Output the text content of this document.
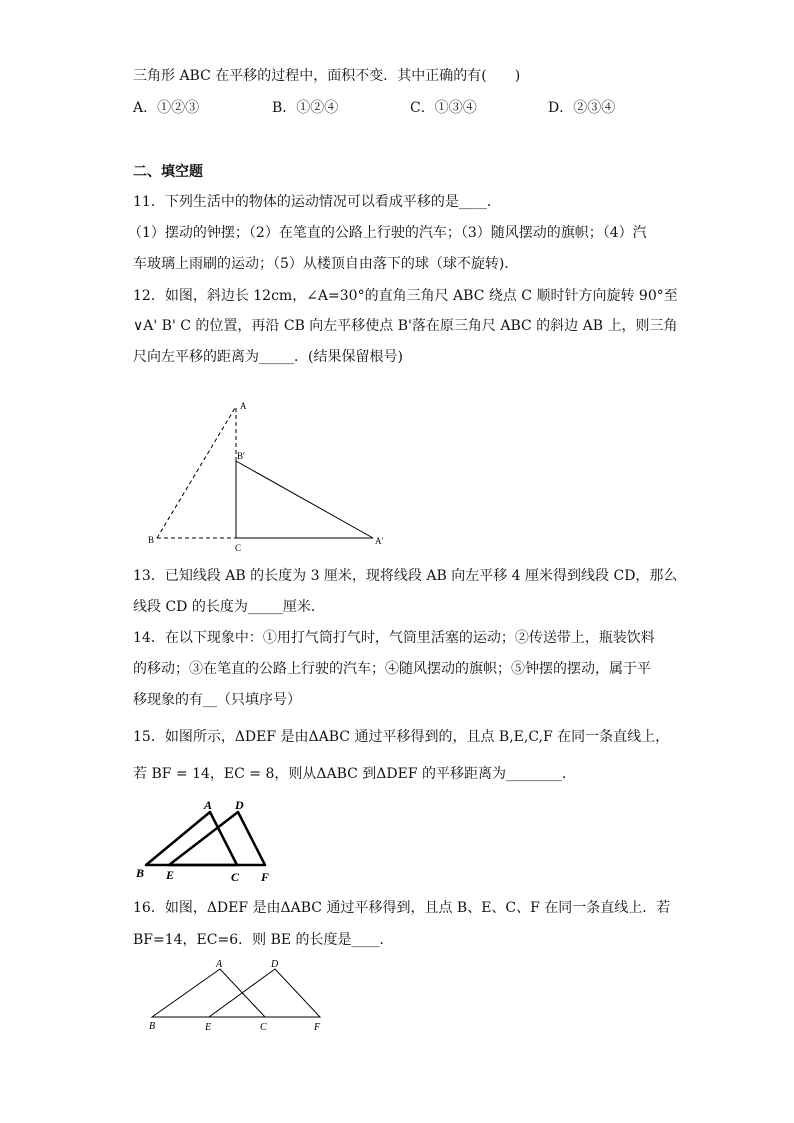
三角形 ABC 在平移的过程中，面积不变．其中正确的有(　　)
A．①②③	B．①②④	C．①③④	D．②③④
二、填空题
11．下列生活中的物体的运动情况可以看成平移的是____．
（1）摆动的钟摆；（2）在笔直的公路上行驶的汽车；（3）随风摆动的旗帜；（4）汽
车玻璃上雨刷的运动；（5）从楼顶自由落下的球（球不旋转)．
12．如图，斜边长 12cm，∠A=30°的直角三角尺 ABC 绕点 C 顺时针方向旋转 90°至
∨A' B' C 的位置，再沿 CB 向左平移使点 B'落在原三角尺 ABC 的斜边 AB 上，则三角
尺向左平移的距离为_____．(结果保留根号)
A
B'
B
C
A'
13．已知线段 AB 的长度为 3 厘米，现将线段 AB 向左平移 4 厘米得到线段 CD，那么
线段 CD 的长度为_____厘米．
14．在以下现象中：①用打气筒打气时，气筒里活塞的运动；②传送带上，瓶装饮料
的移动；③在笔直的公路上行驶的汽车；④随风摆动的旗帜；⑤钟摆的摆动，属于平
移现象的有__（只填序号）
15．如图所示，ΔDEF 是由ΔABC 通过平移得到的，且点 B,E,C,F 在同一条直线上，
若 BF = 14，EC = 8，则从ΔABC 到ΔDEF 的平移距离为________．
A D
B E	C F
16．如图，ΔDEF 是由ΔABC 通过平移得到，且点 B、E、C、F 在同一条直线上．若
BF=14，EC=6．则 BE 的长度是____．
A	D
B	E	C	F
